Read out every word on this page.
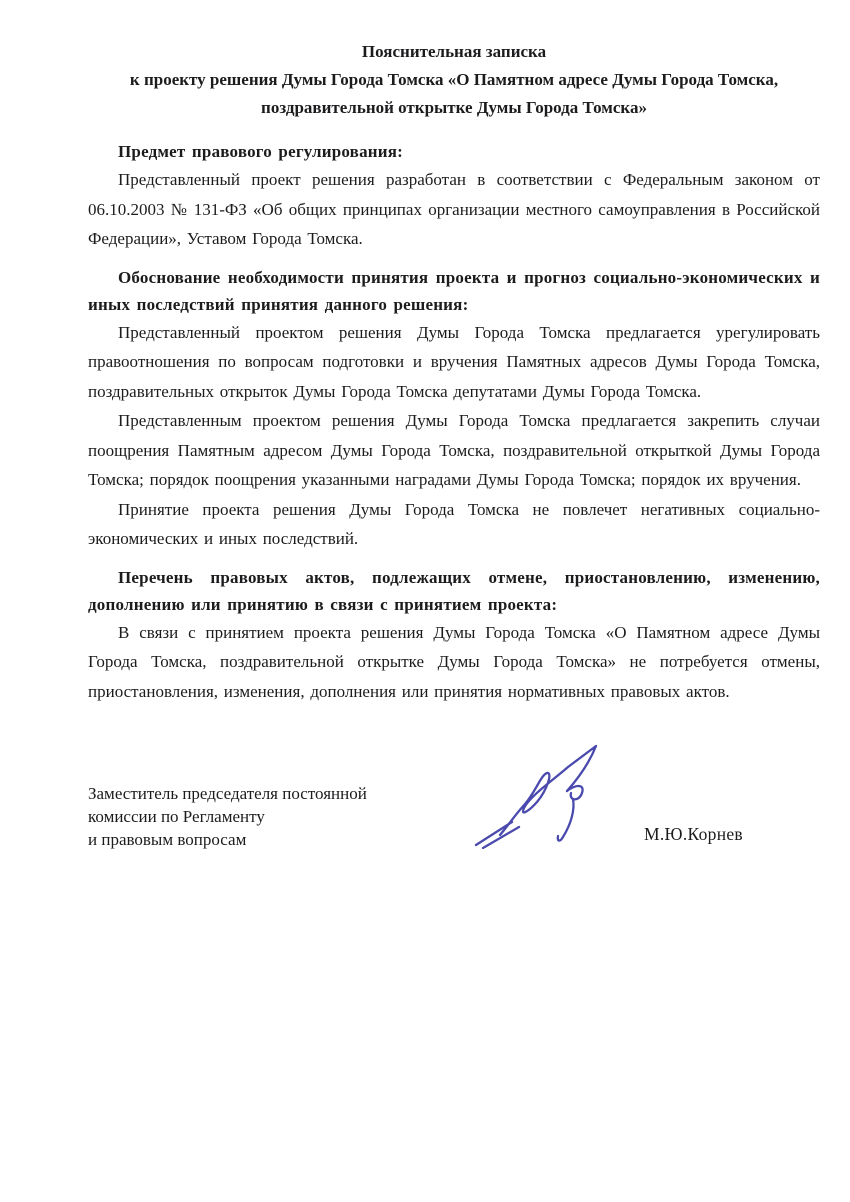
Пояснительная записка
к проекту решения Думы Города Томска «О Памятном адресе Думы Города Томска,
поздравительной открытке Думы Города Томска»

Предмет правового регулирования:

Представленный проект решения разработан в соответствии с Федеральным законом от 06.10.2003 № 131-ФЗ «Об общих принципах организации местного самоуправления в Российской Федерации», Уставом Города Томска.

Обоснование необходимости принятия проекта и прогноз социально-экономических и иных последствий принятия данного решения:

Представленный проектом решения Думы Города Томска предлагается урегулировать правоотношения по вопросам подготовки и вручения Памятных адресов Думы Города Томска, поздравительных открыток Думы Города Томска депутатами Думы Города Томска.

Представленным проектом решения Думы Города Томска предлагается закрепить случаи поощрения Памятным адресом Думы Города Томска, поздравительной открыткой Думы Города Томска; порядок поощрения указанными наградами Думы Города Томска; порядок их вручения.

Принятие проекта решения Думы Города Томска не повлечет негативных социально-экономических и иных последствий.

Перечень правовых актов, подлежащих отмене, приостановлению, изменению, дополнению или принятию в связи с принятием проекта:

В связи с принятием проекта решения Думы Города Томска «О Памятном адресе Думы Города Томска, поздравительной открытке Думы Города Томска» не потребуется отмены, приостановления, изменения, дополнения или принятия нормативных правовых актов.

Заместитель председателя постоянной
комиссии по Регламенту
и правовым вопросам	М.Ю.Корнев
